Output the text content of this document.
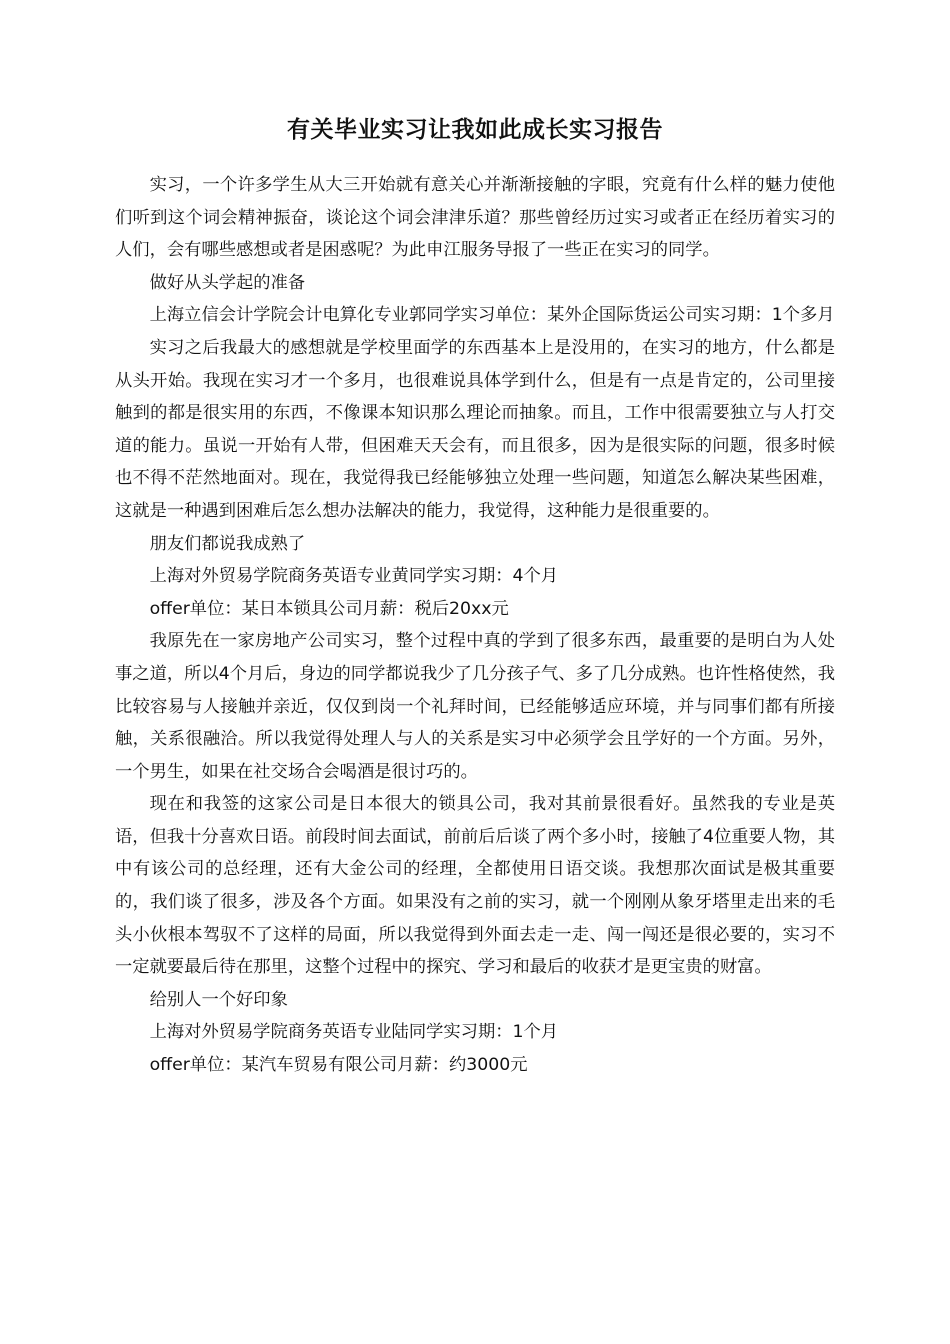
有关毕业实习让我如此成长实习报告

实习，一个许多学生从大三开始就有意关心并渐渐接触的字眼，究竟有什么样的魅力使他们听到这个词会精神振奋，谈论这个词会津津乐道？那些曾经历过实习或者正在经历着实习的人们，会有哪些感想或者是困惑呢？为此申江服务导报了一些正在实习的同学。

做好从头学起的准备

上海立信会计学院会计电算化专业郭同学实习单位：某外企国际货运公司实习期：1个多月

实习之后我最大的感想就是学校里面学的东西基本上是没用的，在实习的地方，什么都是从头开始。我现在实习才一个多月，也很难说具体学到什么，但是有一点是肯定的，公司里接触到的都是很实用的东西，不像课本知识那么理论而抽象。而且，工作中很需要独立与人打交道的能力。虽说一开始有人带，但困难天天会有，而且很多，因为是很实际的问题，很多时候也不得不茫然地面对。现在，我觉得我已经能够独立处理一些问题，知道怎么解决某些困难，这就是一种遇到困难后怎么想办法解决的能力，我觉得，这种能力是很重要的。

朋友们都说我成熟了

上海对外贸易学院商务英语专业黄同学实习期：4个月

offer单位：某日本锁具公司月薪：税后20xx元

我原先在一家房地产公司实习，整个过程中真的学到了很多东西，最重要的是明白为人处事之道，所以4个月后，身边的同学都说我少了几分孩子气、多了几分成熟。也许性格使然，我比较容易与人接触并亲近，仅仅到岗一个礼拜时间，已经能够适应环境，并与同事们都有所接触，关系很融洽。所以我觉得处理人与人的关系是实习中必须学会且学好的一个方面。另外，一个男生，如果在社交场合会喝酒是很讨巧的。

现在和我签的这家公司是日本很大的锁具公司，我对其前景很看好。虽然我的专业是英语，但我十分喜欢日语。前段时间去面试，前前后后谈了两个多小时，接触了4位重要人物，其中有该公司的总经理，还有大金公司的经理，全都使用日语交谈。我想那次面试是极其重要的，我们谈了很多，涉及各个方面。如果没有之前的实习，就一个刚刚从象牙塔里走出来的毛头小伙根本驾驭不了这样的局面，所以我觉得到外面去走一走、闯一闯还是很必要的，实习不一定就要最后待在那里，这整个过程中的探究、学习和最后的收获才是更宝贵的财富。

给别人一个好印象

上海对外贸易学院商务英语专业陆同学实习期：1个月

offer单位：某汽车贸易有限公司月薪：约3000元
